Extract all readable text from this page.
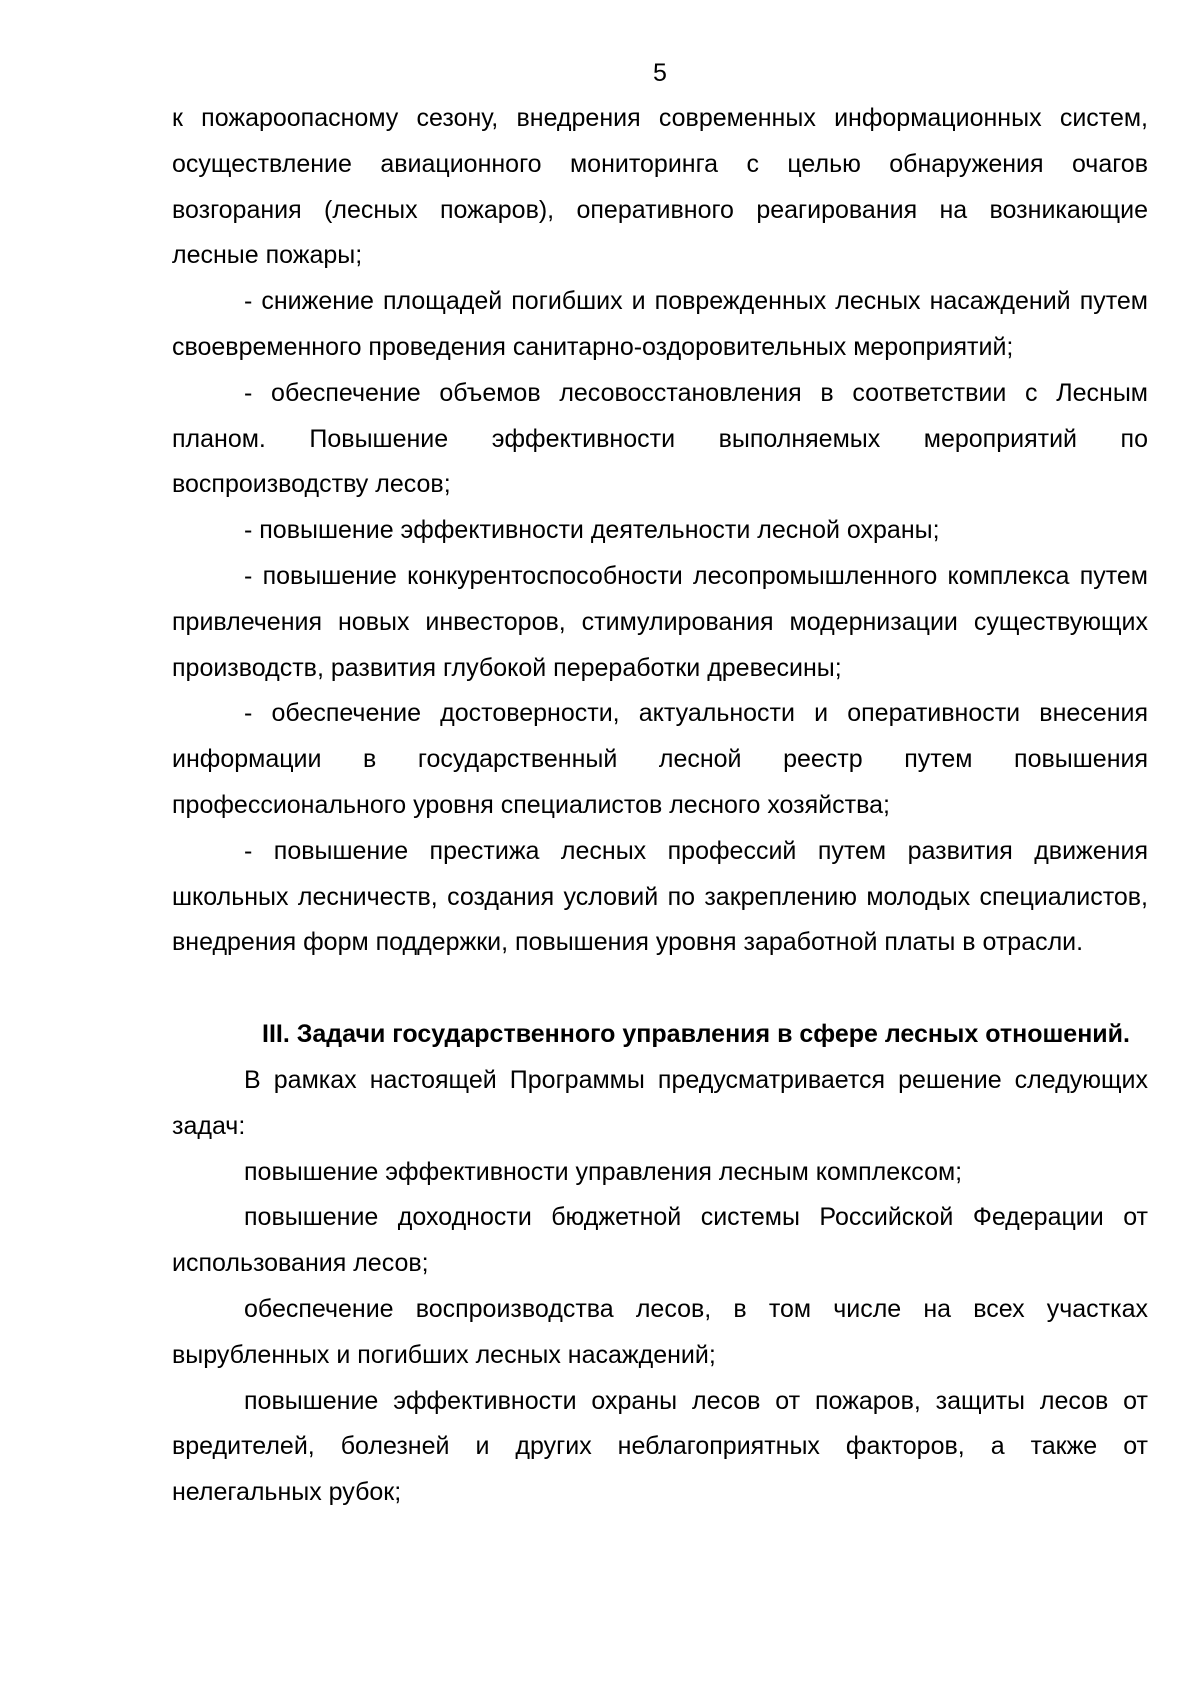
5

к пожароопасному сезону, внедрения современных информационных систем, осуществление авиационного мониторинга с целью обнаружения очагов возгорания (лесных пожаров), оперативного реагирования на возникающие лесные пожары;

- снижение площадей погибших и поврежденных лесных насаждений путем своевременного проведения санитарно-оздоровительных мероприятий;

- обеспечение объемов лесовосстановления в соответствии с Лесным планом. Повышение эффективности выполняемых мероприятий по воспроизводству лесов;

- повышение эффективности деятельности лесной охраны;

- повышение конкурентоспособности лесопромышленного комплекса путем привлечения новых инвесторов, стимулирования модернизации существующих производств, развития глубокой переработки древесины;

- обеспечение достоверности, актуальности и оперативности внесения информации в государственный лесной реестр путем повышения профессионального уровня специалистов лесного хозяйства;

- повышение престижа лесных профессий путем развития движения школьных лесничеств, создания условий по закреплению молодых специалистов, внедрения форм поддержки, повышения уровня заработной платы в отрасли.

III. Задачи государственного управления в сфере лесных отношений.

В рамках настоящей Программы предусматривается решение следующих задач:

повышение эффективности управления лесным комплексом;

повышение доходности бюджетной системы Российской Федерации от использования лесов;

обеспечение воспроизводства лесов, в том числе на всех участках вырубленных и погибших лесных насаждений;

повышение эффективности охраны лесов от пожаров, защиты лесов от вредителей, болезней и других неблагоприятных факторов, а также от нелегальных рубок;
